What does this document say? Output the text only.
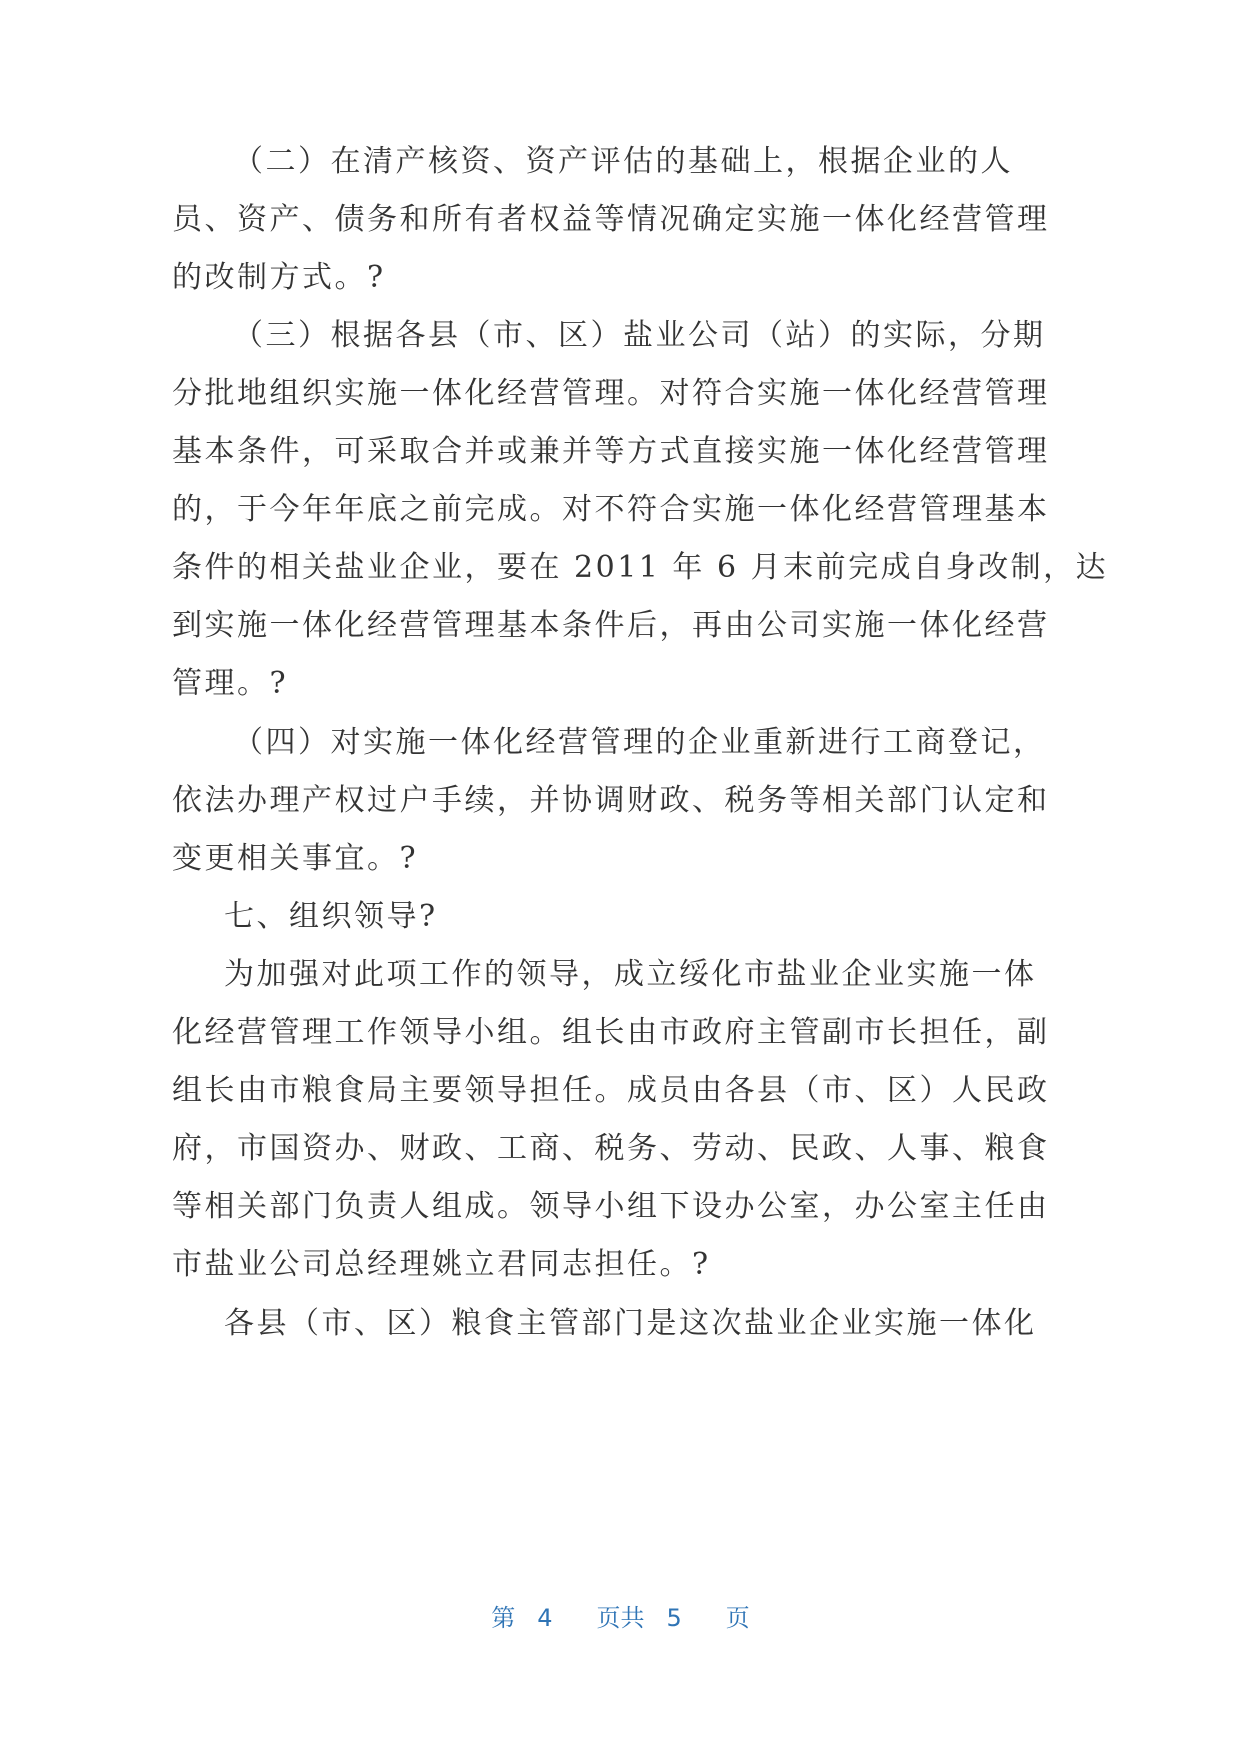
（二）在清产核资、资产评估的基础上，根据企业的人
员、资产、债务和所有者权益等情况确定实施一体化经营管理
的改制方式。?
（三）根据各县（市、区）盐业公司（站）的实际，分期
分批地组织实施一体化经营管理。对符合实施一体化经营管理
基本条件，可采取合并或兼并等方式直接实施一体化经营管理
的，于今年年底之前完成。对不符合实施一体化经营管理基本
条件的相关盐业企业，要在 2011 年 6 月末前完成自身改制，达
到实施一体化经营管理基本条件后，再由公司实施一体化经营
管理。?
（四）对实施一体化经营管理的企业重新进行工商登记，
依法办理产权过户手续，并协调财政、税务等相关部门认定和
变更相关事宜。?
七、组织领导?
为加强对此项工作的领导，成立绥化市盐业企业实施一体
化经营管理工作领导小组。组长由市政府主管副市长担任，副
组长由市粮食局主要领导担任。成员由各县（市、区）人民政
府，市国资办、财政、工商、税务、劳动、民政、人事、粮食
等相关部门负责人组成。领导小组下设办公室，办公室主任由
市盐业公司总经理姚立君同志担任。?
各县（市、区）粮食主管部门是这次盐业企业实施一体化
第 4 页共 5 页
